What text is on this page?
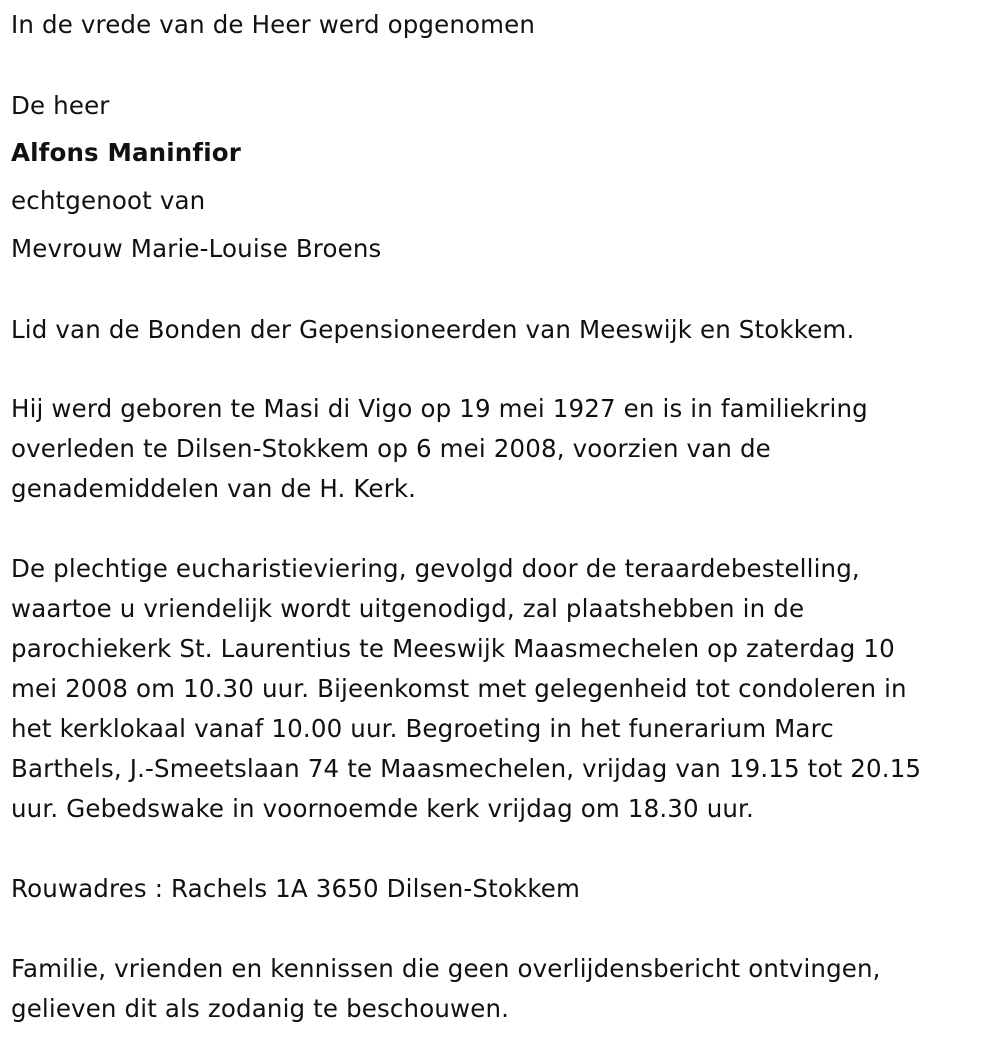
In de vrede van de Heer werd opgenomen
De heer
Alfons Maninfior
echtgenoot van
Mevrouw Marie-Louise Broens
Lid van de Bonden der Gepensioneerden van Meeswijk en Stokkem.
Hij werd geboren te Masi di Vigo op 19 mei 1927 en is in familiekring
overleden te Dilsen-Stokkem op 6 mei 2008, voorzien van de
genademiddelen van de H. Kerk.
De plechtige eucharistieviering, gevolgd door de teraardebestelling,
waartoe u vriendelijk wordt uitgenodigd, zal plaatshebben in de
parochiekerk St. Laurentius te Meeswijk Maasmechelen op zaterdag 10
mei 2008 om 10.30 uur. Bijeenkomst met gelegenheid tot condoleren in
het kerklokaal vanaf 10.00 uur. Begroeting in het funerarium Marc
Barthels, J.-Smeetslaan 74 te Maasmechelen, vrijdag van 19.15 tot 20.15
uur. Gebedswake in voornoemde kerk vrijdag om 18.30 uur.
Rouwadres : Rachels 1A 3650 Dilsen-Stokkem
Familie, vrienden en kennissen die geen overlijdensbericht ontvingen,
gelieven dit als zodanig te beschouwen.
